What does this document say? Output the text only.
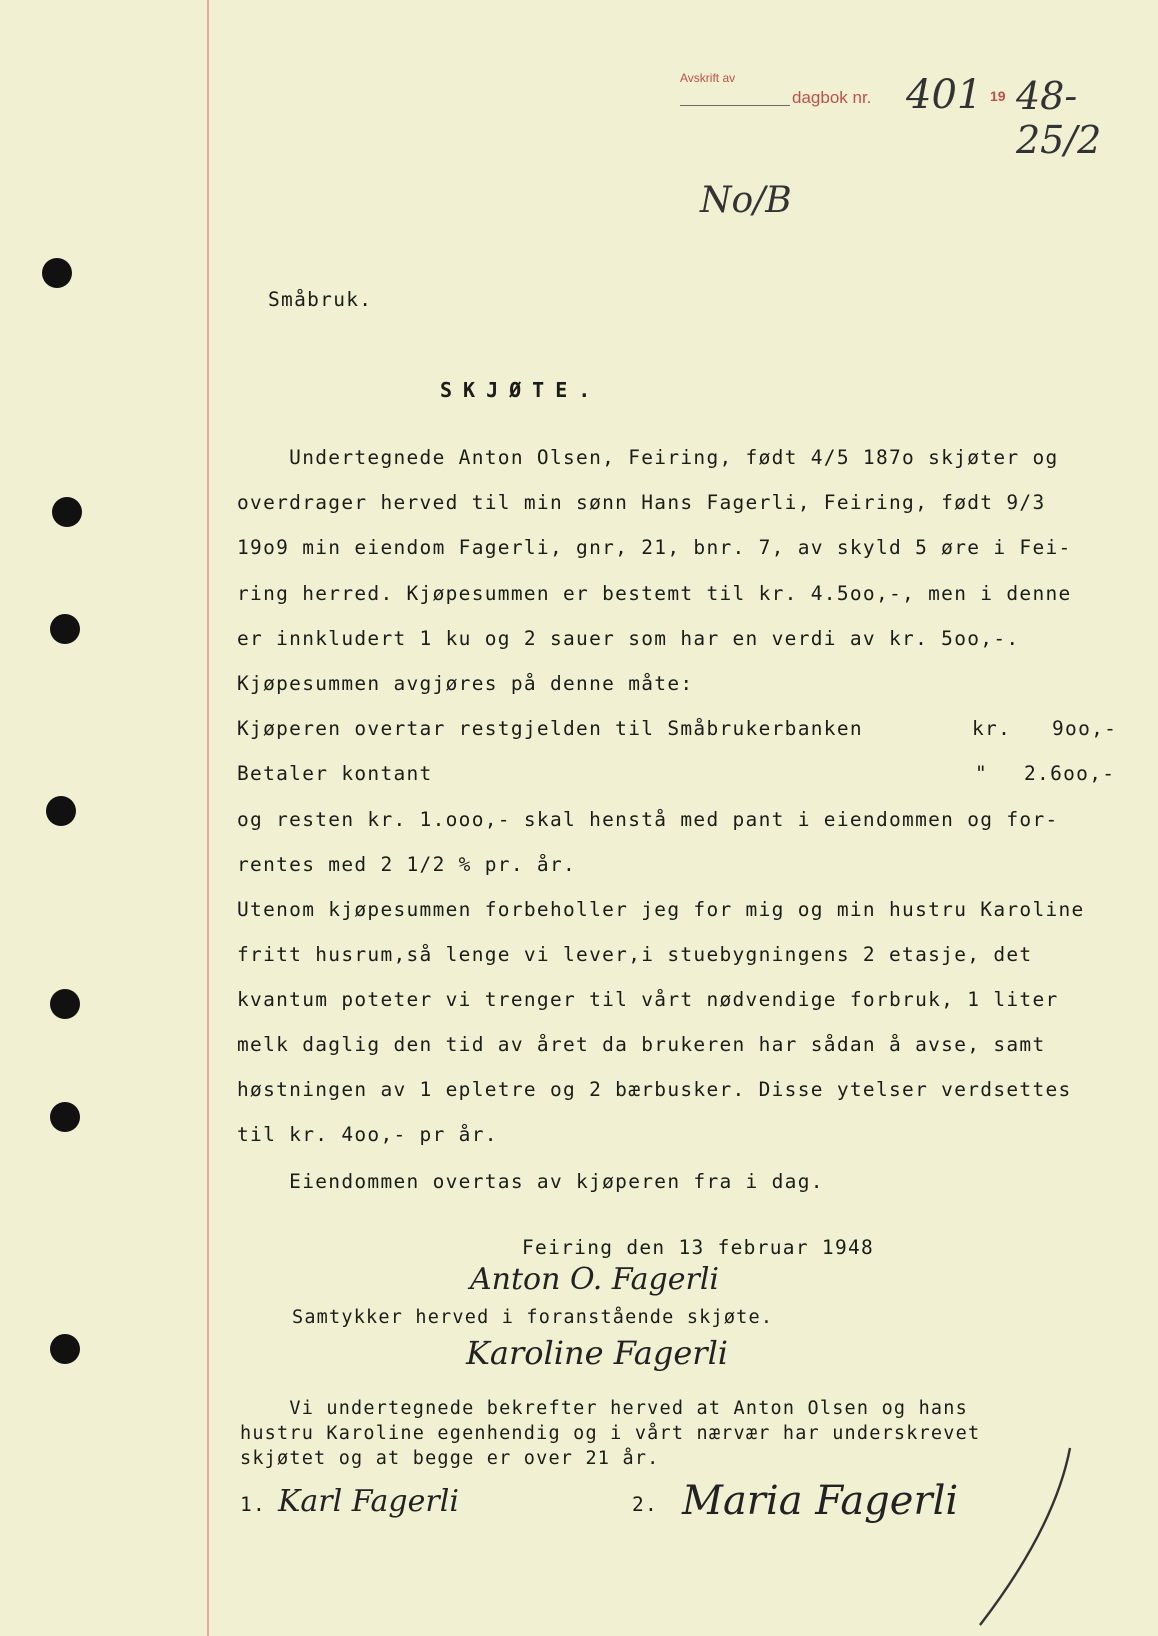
Avskrift av
dagbok nr. 401 19 48-25/2
No/B
Småbruk.
SKJØTE.
Undertegnede Anton Olsen, Feiring, født 4/5 187o skjøter og
overdrager herved til min sønn Hans Fagerli, Feiring, født 9/3
19o9 min eiendom Fagerli, gnr, 21, bnr. 7, av skyld 5 øre i Fei-
ring herred. Kjøpesummen er bestemt til kr. 4.5oo,-, men i denne
er innkludert 1 ku og 2 sauer som har en verdi av kr. 5oo,-.
Kjøpesummen avgjøres på denne måte:
Kjøperen overtar restgjelden til Småbrukerbanken	kr. 9oo,-
Betaler kontant	" 2.6oo,-
og resten kr. 1.ooo,- skal henstå med pant i eiendommen og for-
rentes med 2 1/2 % pr. år.
Utenom kjøpesummen forbeholler jeg for mig og min hustru Karoline
fritt husrum,så lenge vi lever,i stuebygningens 2 etasje, det
kvantum poteter vi trenger til vårt nødvendige forbruk, 1 liter
melk daglig den tid av året da brukeren har sådan å avse, samt
høstningen av 1 epletre og 2 bærbusker. Disse ytelser verdsettes
til kr. 4oo,- pr år.
Eiendommen overtas av kjøperen fra i dag.
Feiring den 13 februar 1948
Anton O. Fagerli
Samtykker herved i foranstående skjøte.
Karoline Fagerli
Vi undertegnede bekrefter herved at Anton Olsen og hans
hustru Karoline egenhendig og i vårt nærvær har underskrevet
skjøtet og at begge er over 21 år.
1. Karl Fagerli	2. Maria Fagerli
